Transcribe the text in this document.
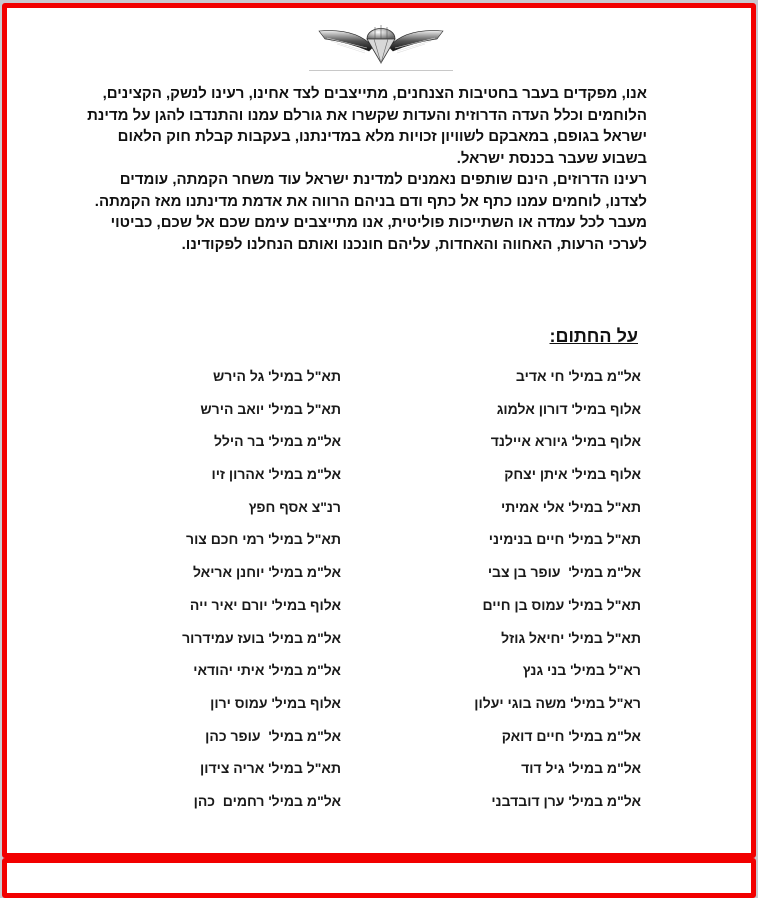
אנו, מפקדים בעבר בחטיבות הצנחנים, מתייצבים לצד אחינו, רעינו לנשק, הקצינים, הלוחמים וכלל העדה הדרוזית והעדות שקשרו את גורלם עמנו והתנדבו להגן על מדינת ישראל בגופם, במאבקם לשוויון זכויות מלא במדינתנו, בעקבות קבלת חוק הלאום בשבוע שעבר בכנסת ישראל.

רעינו הדרוזים, הינם שותפים נאמנים למדינת ישראל עוד משחר הקמתה, עומדים לצדנו, לוחמים עמנו כתף אל כתף ודם בניהם הרווה את אדמת מדינתנו מאז הקמתה.

מעבר לכל עמדה או השתייכות פוליטית, אנו מתייצבים עימם שכם אל שכם, כביטוי לערכי הרעות, האחווה והאחדות, עליהם חונכנו ואותם הנחלנו לפקודינו.

על החתום:
אל"מ במיל' חי אדיב
אלוף במיל' דורון אלמוג
אלוף במיל' גיורא איילנד
אלוף במיל' איתן יצחק
תא"ל במיל' אלי אמיתי
תא"ל במיל' חיים בנימיני
אל"מ במיל'  עופר בן צבי
תא"ל במיל' עמוס בן חיים
תא"ל במיל' יחיאל גוזל
רא"ל במיל' בני גנץ
רא"ל במיל' משה בוגי יעלון
אל"מ במיל' חיים דואק
אל"מ במיל' גיל דוד
אל"מ במיל' ערן דובדבני
תא"ל במיל' גל הירש
תא"ל במיל' יואב הירש
אל"מ במיל' בר הילל
אל"מ במיל' אהרון זיו
רנ"צ אסף חפץ
תא"ל במיל' רמי חכם צור
אל"מ במיל' יוחנן אריאל
אלוף במיל' יורם יאיר ייה
אל"מ במיל' בועז עמידרור
אל"מ במיל' איתי יהודאי
אלוף במיל' עמוס ירון
אל"מ במיל'  עופר כהן
תא"ל במיל' אריה צידון
אל"מ במיל' רחמים  כהן
